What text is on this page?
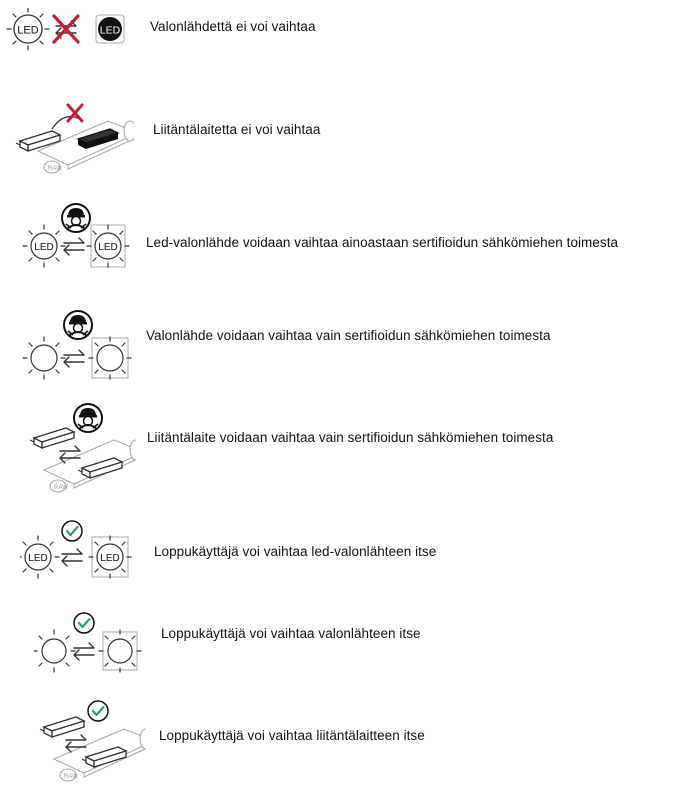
LED	LED Valonlähdettä ei voi vaihtaa
Liitäntälaitetta ei voi vaihtaa
LED	LED Led-valonlähde voidaan vaihtaa ainoastaan sertifioidun sähkömiehen toimesta
Valonlähde voidaan vaihtaa vain sertifioidun sähkömiehen toimesta
Liitäntälaite voidaan vaihtaa vain sertifioidun sähkömiehen toimesta
LED	LED	Loppukäyttäjä voi vaihtaa led-valonlähteen itse
Loppukäyttäjä voi vaihtaa valonlähteen itse
Loppukäyttäjä voi vaihtaa liitäntälaitteen itse
